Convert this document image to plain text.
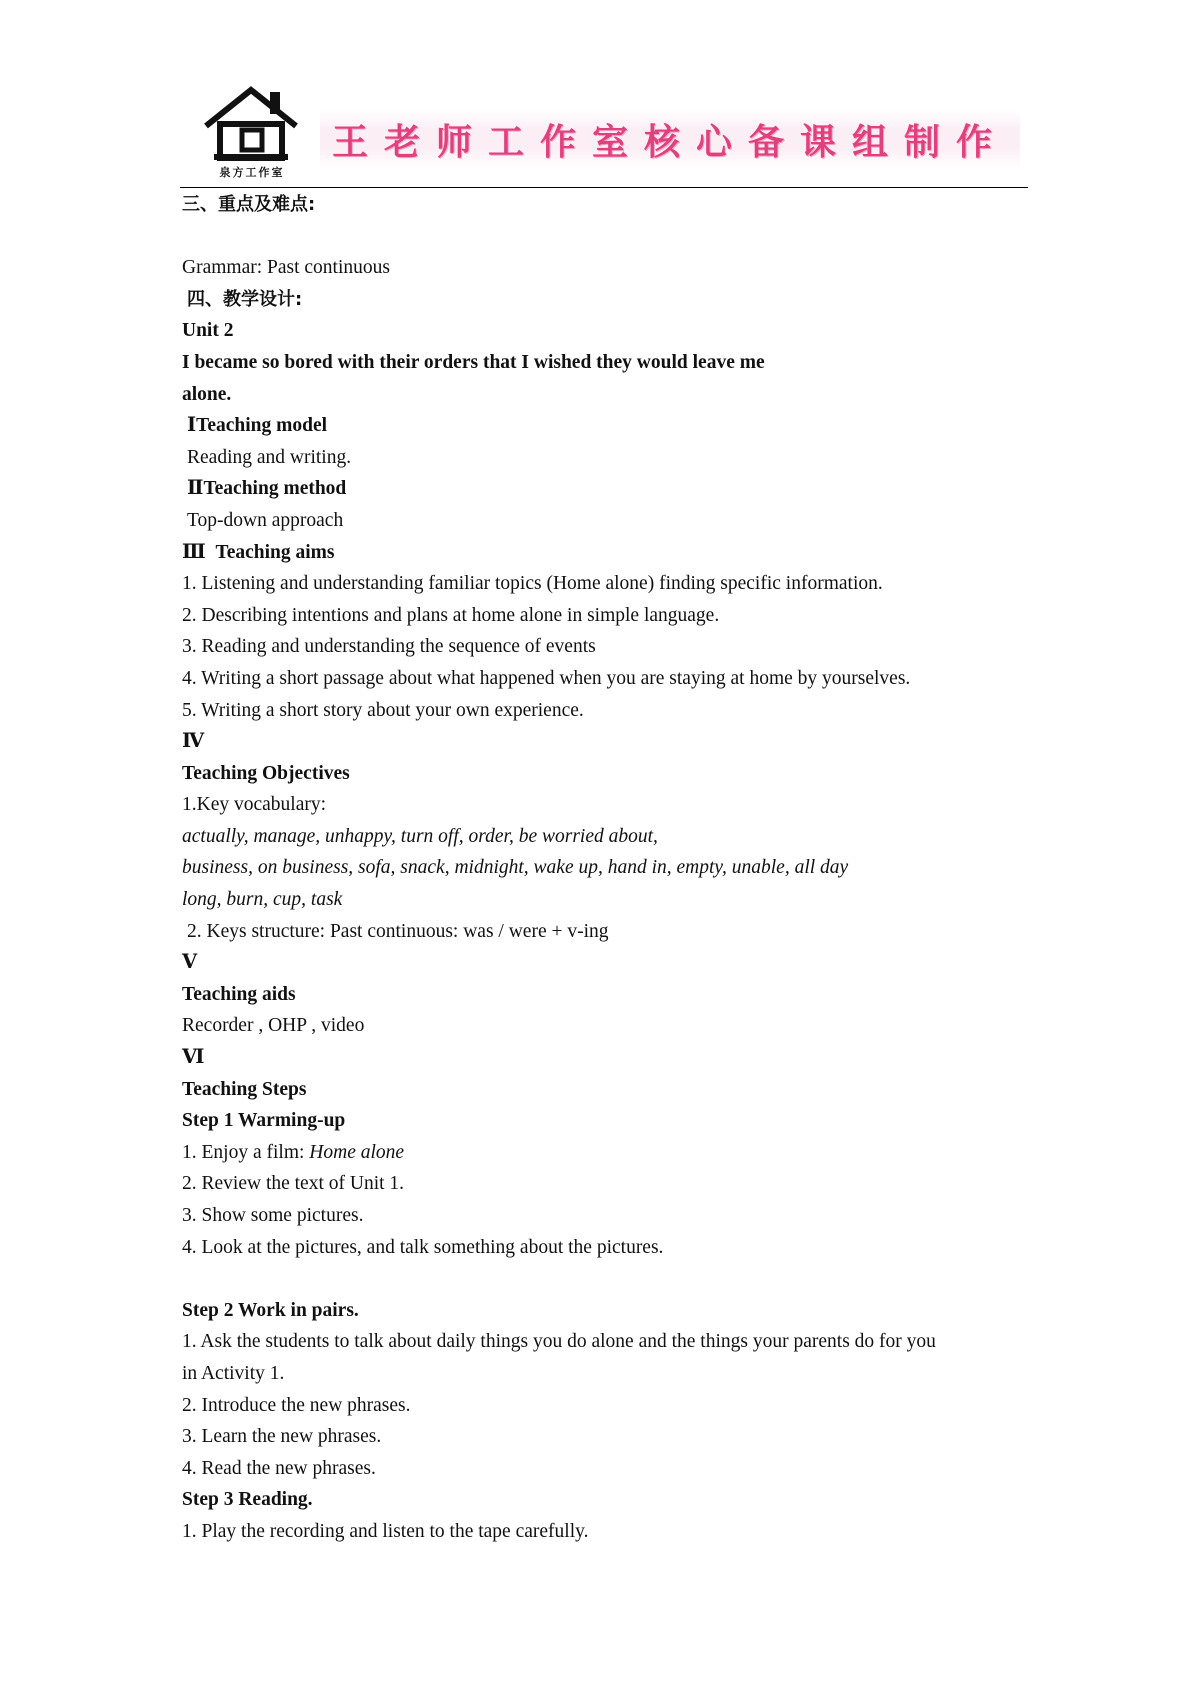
泉方工作室
王老师工作室核心备课组制作
三、重点及难点:
Grammar: Past continuous
四、教学设计:
Unit 2
I became so bored with their orders that I wished they would leave me
alone.
ⅠTeaching model
Reading and writing.
ⅡTeaching method
Top-down approach
Ⅲ Teaching aims
1. Listening and understanding familiar topics (Home alone) finding specific information.
2. Describing intentions and plans at home alone in simple language.
3. Reading and understanding the sequence of events
4. Writing a short passage about what happened when you are staying at home by yourselves.
5. Writing a short story about your own experience.
Ⅳ
Teaching Objectives
1.Key vocabulary:
actually, manage, unhappy, turn off, order, be worried about,
business, on business, sofa, snack, midnight, wake up, hand in, empty, unable, all day
long, burn, cup, task
2. Keys structure: Past continuous: was / were + v-ing
Ⅴ
Teaching aids
Recorder , OHP , video
Ⅵ
Teaching Steps
Step 1 Warming-up
1. Enjoy a film: Home alone
2. Review the text of Unit 1.
3. Show some pictures.
4. Look at the pictures, and talk something about the pictures.
Step 2 Work in pairs.
1. Ask the students to talk about daily things you do alone and the things your parents do for you
in Activity 1.
2. Introduce the new phrases.
3. Learn the new phrases.
4. Read the new phrases.
Step 3 Reading.
1. Play the recording and listen to the tape carefully.
